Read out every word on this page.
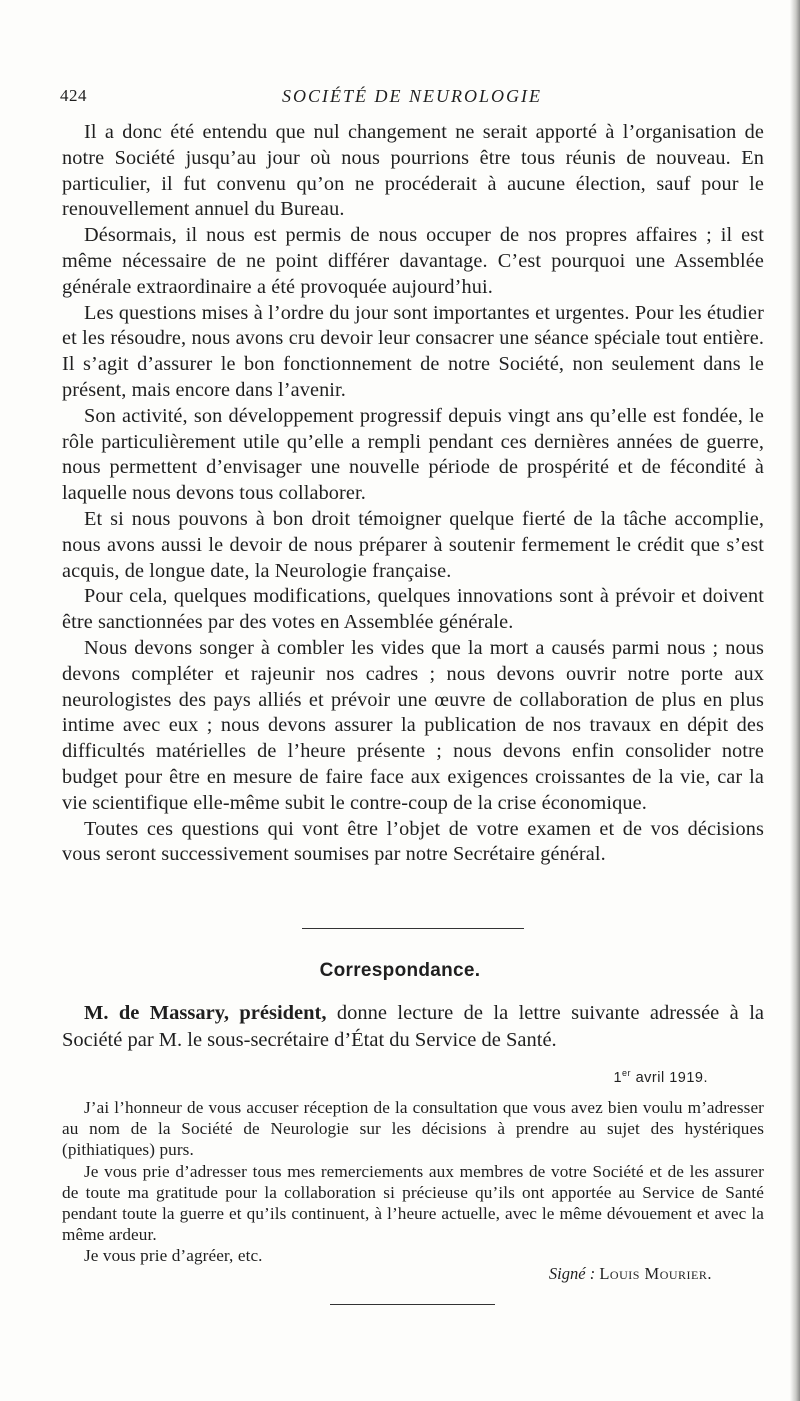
424	SOCIÉTÉ DE NEUROLOGIE

Il a donc été entendu que nul changement ne serait apporté à l’organisation de notre Société jusqu’au jour où nous pourrions être tous réunis de nouveau. En particulier, il fut convenu qu’on ne procéderait à aucune élection, sauf pour le renouvellement annuel du Bureau.

Désormais, il nous est permis de nous occuper de nos propres affaires ; il est même nécessaire de ne point différer davantage. C’est pourquoi une Assemblée générale extraordinaire a été provoquée aujourd’hui.

Les questions mises à l’ordre du jour sont importantes et urgentes. Pour les étudier et les résoudre, nous avons cru devoir leur consacrer une séance spéciale tout entière. Il s’agit d’assurer le bon fonctionnement de notre Société, non seulement dans le présent, mais encore dans l’avenir.

Son activité, son développement progressif depuis vingt ans qu’elle est fondée, le rôle particulièrement utile qu’elle a rempli pendant ces dernières années de guerre, nous permettent d’envisager une nouvelle période de prospérité et de fécondité à laquelle nous devons tous collaborer.

Et si nous pouvons à bon droit témoigner quelque fierté de la tâche accomplie, nous avons aussi le devoir de nous préparer à soutenir fermement le crédit que s’est acquis, de longue date, la Neurologie française.

Pour cela, quelques modifications, quelques innovations sont à prévoir et doivent être sanctionnées par des votes en Assemblée générale.

Nous devons songer à combler les vides que la mort a causés parmi nous ; nous devons compléter et rajeunir nos cadres ; nous devons ouvrir notre porte aux neurologistes des pays alliés et prévoir une œuvre de collaboration de plus en plus intime avec eux ; nous devons assurer la publication de nos travaux en dépit des difficultés matérielles de l’heure présente ; nous devons enfin consolider notre budget pour être en mesure de faire face aux exigences croissantes de la vie, car la vie scientifique elle-même subit le contre-coup de la crise économique.

Toutes ces questions qui vont être l’objet de votre examen et de vos décisions vous seront successivement soumises par notre Secrétaire général.

Correspondance.

M. de Massary, président, donne lecture de la lettre suivante adressée à la Société par M. le sous-secrétaire d’État du Service de Santé.

1er avril 1919.

J’ai l’honneur de vous accuser réception de la consultation que vous avez bien voulu m’adresser au nom de la Société de Neurologie sur les décisions à prendre au sujet des hystériques (pithiatiques) purs.

Je vous prie d’adresser tous mes remerciements aux membres de votre Société et de les assurer de toute ma gratitude pour la collaboration si précieuse qu’ils ont apportée au Service de Santé pendant toute la guerre et qu’ils continuent, à l’heure actuelle, avec le même dévouement et avec la même ardeur.

Je vous prie d’agréer, etc.

Signé : Louis Mourier.
